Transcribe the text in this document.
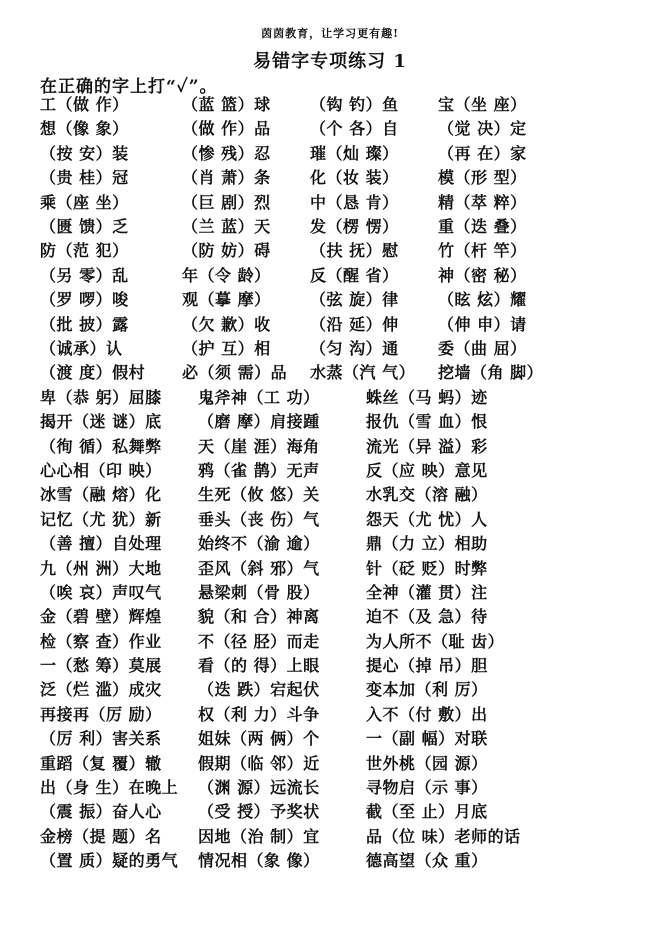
茵茵教育，让学习更有趣!
易错字专项练习 1
在正确的字上打“✓”。
工（做 作）	（蓝 篮）球 （钩 钓）鱼 宝（坐 座）
想（像 象）	（做 作）品 （个 各）自 （觉 决）定
（按 安）装	（惨 残）忍 璀（灿 璨） （再 在）家
（贵 桂）冠	（肖 萧）条 化（妆 装） 模（形 型）
乘（座 坐）	（巨 剧）烈 中（恳 肯） 精（萃 粹）
（匮 馈）乏	（兰 蓝）天 发（楞 愣） 重（迭 叠）
防（范 犯）	（防 妨）碍 （扶 抚）慰 竹（杆 竿）
（另 零）乱	年（令 龄） 反（醒 省） 神（密 秘）
（罗 啰）唆	观（摹 摩） （弦 旋）律 （眩 炫）耀
（批 披）露	（欠 歉）收 （沿 延）伸 （伸 申）请
（诚承）认	（护 互）相 （匀 沟）通 委（曲 屈）
（渡 度）假村 必（须 需）品 水蒸（汽 气） 挖墙（角 脚）
卑（恭 躬）屈膝 鬼斧神（工 功）	蛛丝（马 蚂）迹
揭开（迷 谜）底 （磨 摩）肩接踵	报仇（雪 血）恨
（徇 循）私舞弊 天（崖 涯）海角	流光（异 溢）彩
心心相（印 映） 鸦（雀 鹊）无声	反（应 映）意见
冰雪（融 熔）化 生死（攸 悠）关	水乳交（溶 融）
记忆（尤 犹）新 垂头（丧 伤）气	怨天（尤 忧）人
（善 擅）自处理 始终不（渝 逾）	鼎（力 立）相助
九（州 洲）大地 歪风（斜 邪）气	针（砭 贬）时弊
（唉 哀）声叹气 悬梁刺（骨 股）	全神（灌 贯）注
金（碧 壁）辉煌 貌（和 合）神离	迫不（及 急）待
检（察 查）作业 不（径 胫）而走	为人所不（耻 齿）
一（愁 筹）莫展 看（的 得）上眼	提心（掉 吊）胆
泛（烂 滥）成灾 （迭 跌）宕起伏	变本加（利 厉）
再接再（厉 励） 权（利 力）斗争	入不（付 敷）出
（厉 利）害关系 姐妹（两 俩）个	一（副 幅）对联
重蹈（复 覆）辙 假期（临 邻）近	世外桃（园 源）
出（身 生）在晚上 （渊 源）远流长	寻物启（示 事）
（震 振）奋人心 （受 授）予奖状	截（至 止）月底
金榜（提 题）名 因地（治 制）宜	品（位 味）老师的话
（置 质）疑的勇气 情况相（象 像）	德高望（众 重）
